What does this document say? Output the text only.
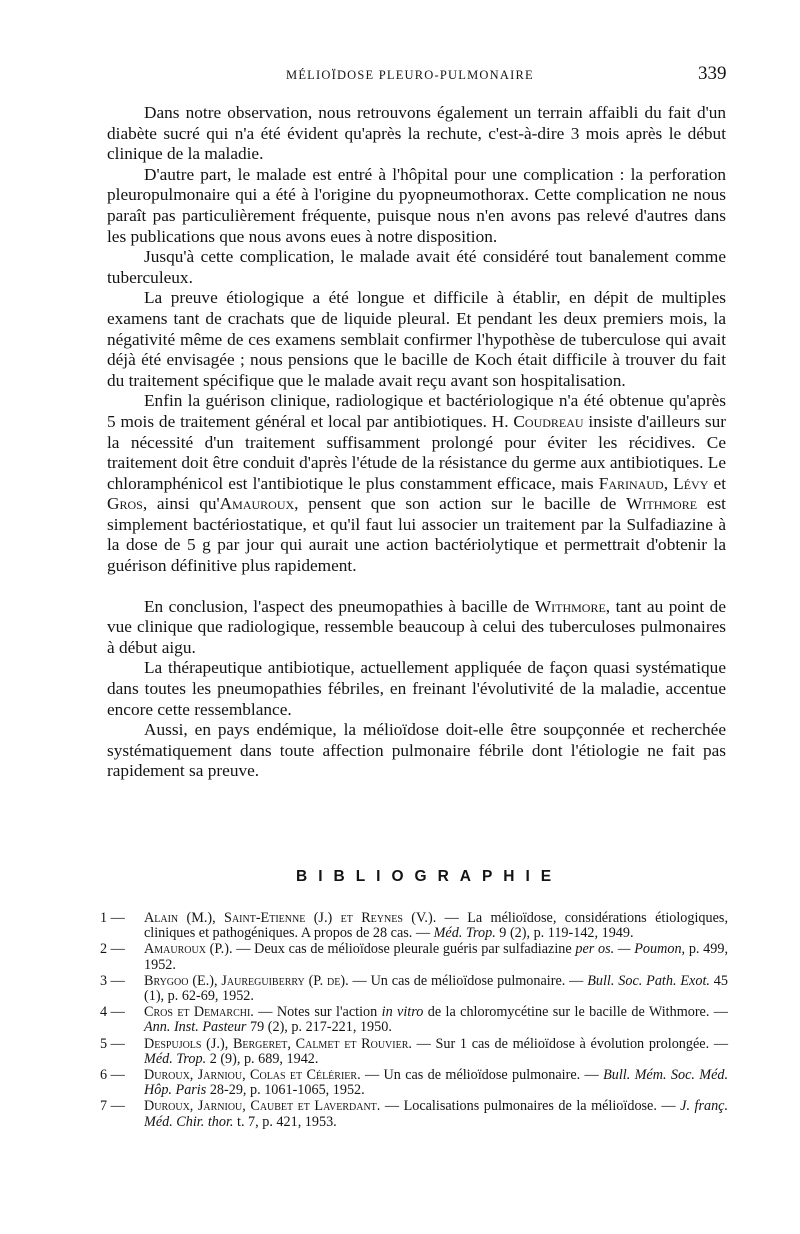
MÉLIOÏDOSE PLEURO-PULMONAIRE	339

Dans notre observation, nous retrouvons également un terrain affaibli du fait d'un diabète sucré qui n'a été évident qu'après la rechute, c'est-à-dire 3 mois après le début clinique de la maladie.

D'autre part, le malade est entré à l'hôpital pour une complication : la perforation pleuropulmonaire qui a été à l'origine du pyopneumothorax. Cette complication ne nous paraît pas particulièrement fréquente, puisque nous n'en avons pas relevé d'autres dans les publications que nous avons eues à notre disposition.

Jusqu'à cette complication, le malade avait été considéré tout banalement comme tuberculeux.

La preuve étiologique a été longue et difficile à établir, en dépit de multiples examens tant de crachats que de liquide pleural. Et pendant les deux premiers mois, la négativité même de ces examens semblait confirmer l'hypothèse de tuberculose qui avait déjà été envisagée ; nous pensions que le bacille de Koch était difficile à trouver du fait du traitement spécifique que le malade avait reçu avant son hospitalisation.

Enfin la guérison clinique, radiologique et bactériologique n'a été obtenue qu'après 5 mois de traitement général et local par antibiotiques. H. Coudreau insiste d'ailleurs sur la nécessité d'un traitement suffisamment prolongé pour éviter les récidives. Ce traitement doit être conduit d'après l'étude de la résistance du germe aux antibiotiques. Le chloramphénicol est l'antibiotique le plus constamment efficace, mais Farinaud, Lévy et Gros, ainsi qu'Amauroux, pensent que son action sur le bacille de Withmore est simplement bactériostatique, et qu'il faut lui associer un traitement par la Sulfadiazine à la dose de 5 g par jour qui aurait une action bactériolytique et permettrait d'obtenir la guérison définitive plus rapidement.

En conclusion, l'aspect des pneumopathies à bacille de Withmore, tant au point de vue clinique que radiologique, ressemble beaucoup à celui des tuberculoses pulmonaires à début aigu.

La thérapeutique antibiotique, actuellement appliquée de façon quasi systématique dans toutes les pneumopathies fébriles, en freinant l'évolutivité de la maladie, accentue encore cette ressemblance.

Aussi, en pays endémique, la mélioïdose doit-elle être soupçonnée et recherchée systématiquement dans toute affection pulmonaire fébrile dont l'étiologie ne fait pas rapidement sa preuve.

BIBLIOGRAPHIE
1 —	Alain (M.), Saint-Etienne (J.) et Reynes (V.). — La mélioïdose, considérations étiologiques, cliniques et pathogéniques. A propos de 28 cas. — Méd. Trop. 9 (2), p. 119-142, 1949.
2 —	Amauroux (P.). — Deux cas de mélioïdose pleurale guéris par sulfadiazine per os. — Poumon, p. 499, 1952.
3 —	Brygoo (E.), Jaureguiberry (P. de). — Un cas de mélioïdose pulmonaire. — Bull. Soc. Path. Exot. 45 (1), p. 62-69, 1952.
4 —	Cros et Demarchi. — Notes sur l'action in vitro de la chloromycétine sur le bacille de Withmore. — Ann. Inst. Pasteur 79 (2), p. 217-221, 1950.
5 —	Despujols (J.), Bergeret, Calmet et Rouvier. — Sur 1 cas de mélioïdose à évolution prolongée. — Méd. Trop. 2 (9), p. 689, 1942.
6 —	Duroux, Jarniou, Colas et Célérier. — Un cas de mélioïdose pulmonaire. — Bull. Mém. Soc. Méd. Hôp. Paris 28-29, p. 1061-1065, 1952.
7 —	Duroux, Jarniou, Caubet et Laverdant. — Localisations pulmonaires de la mélioïdose. — J. franç. Méd. Chir. thor. t. 7, p. 421, 1953.
